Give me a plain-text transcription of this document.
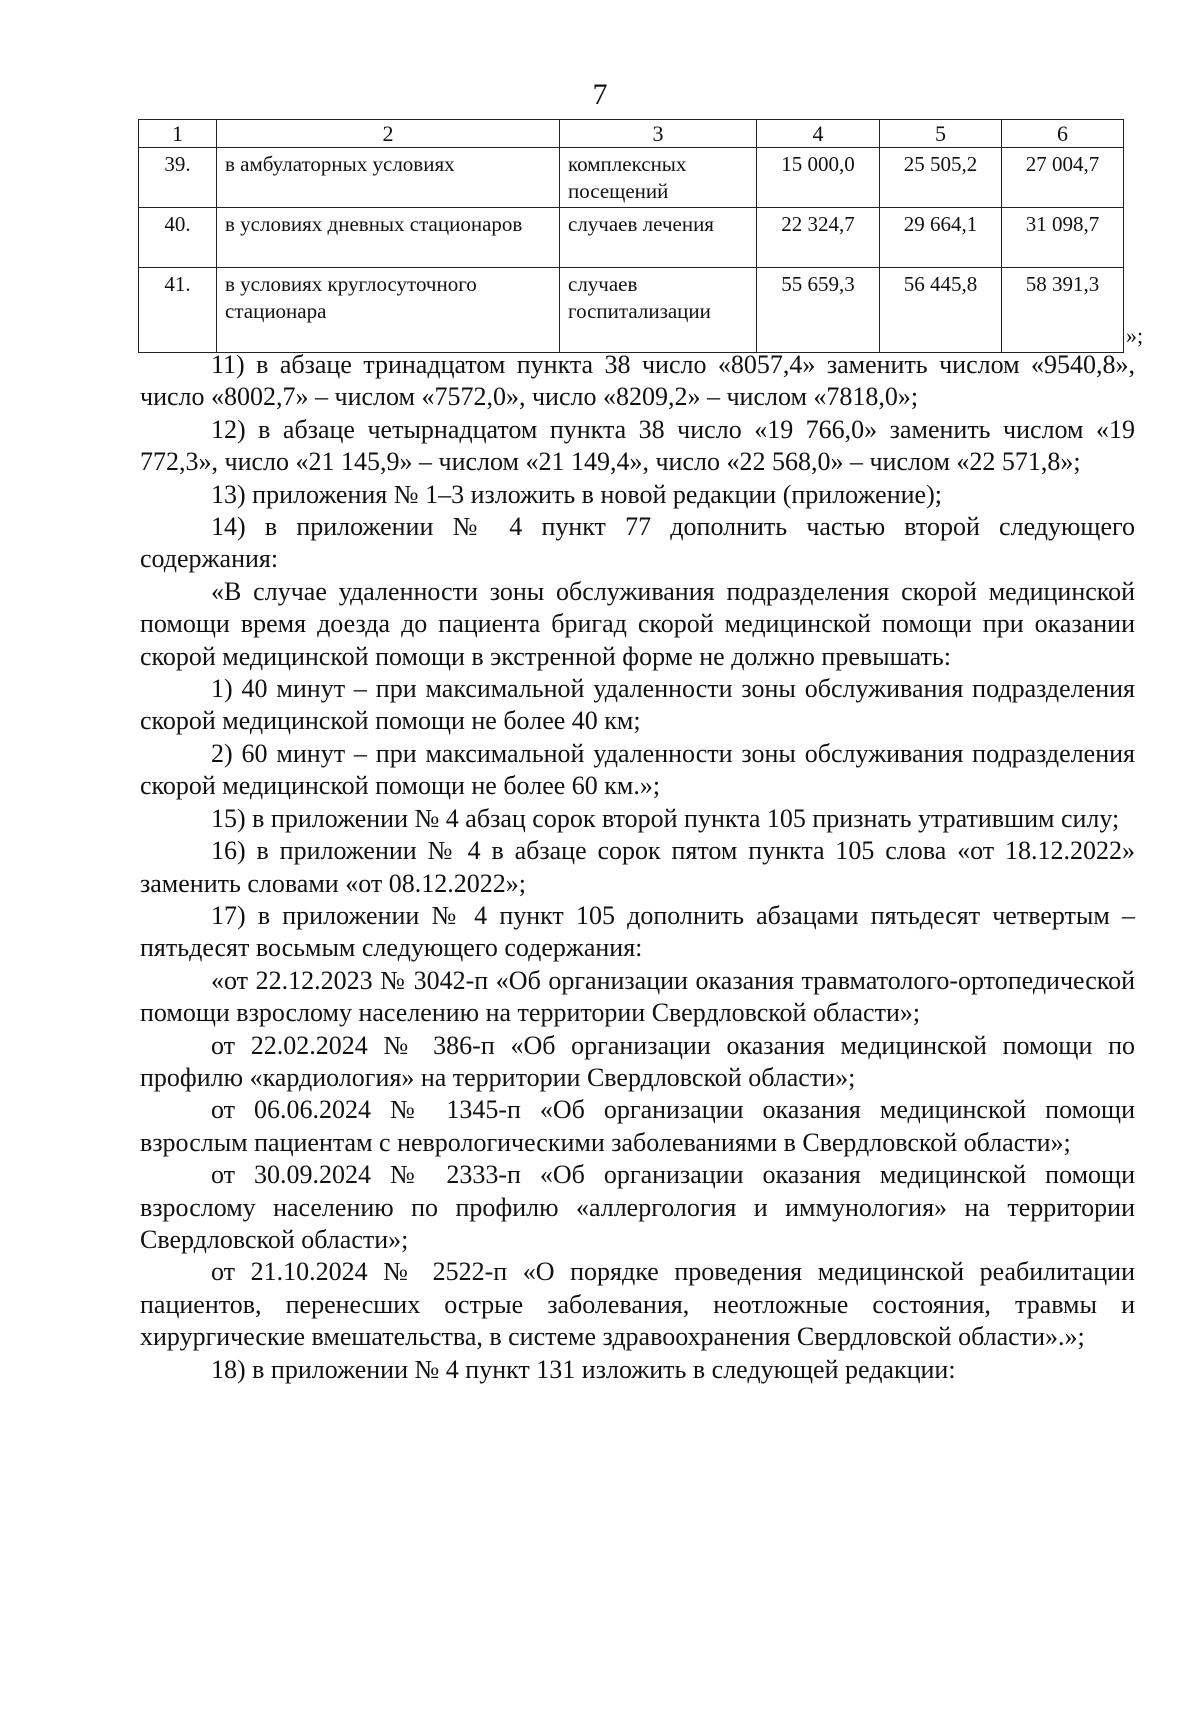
7
1	2	3	4	5	6
39.	в амбулаторных условиях	комплексных посещений	15 000,0	25 505,2	27 004,7
40.	в условиях дневных стационаров	случаев лечения	22 324,7	29 664,1	31 098,7
41.	в условиях круглосуточного стационара	случаев госпитализации	55 659,3	56 445,8	58 391,3
»;

11) в абзаце тринадцатом пункта 38 число «8057,4» заменить числом «9540,8», число «8002,7» – числом «7572,0», число «8209,2» – числом «7818,0»;

12) в абзаце четырнадцатом пункта 38 число «19 766,0» заменить числом «19 772,3», число «21 145,9» – числом «21 149,4», число «22 568,0» – числом «22 571,8»;

13) приложения № 1–3 изложить в новой редакции (приложение);

14) в приложении № 4 пункт 77 дополнить частью второй следующего содержания:

«В случае удаленности зоны обслуживания подразделения скорой медицинской помощи время доезда до пациента бригад скорой медицинской помощи при оказании скорой медицинской помощи в экстренной форме не должно превышать:

1) 40 минут – при максимальной удаленности зоны обслуживания подразделения скорой медицинской помощи не более 40 км;

2) 60 минут – при максимальной удаленности зоны обслуживания подразделения скорой медицинской помощи не более 60 км.»;

15) в приложении № 4 абзац сорок второй пункта 105 признать утратившим силу;

16) в приложении № 4 в абзаце сорок пятом пункта 105 слова «от 18.12.2022» заменить словами «от 08.12.2022»;

17) в приложении № 4 пункт 105 дополнить абзацами пятьдесят четвертым – пятьдесят восьмым следующего содержания:

«от 22.12.2023 № 3042-п «Об организации оказания травматолого-ортопедической помощи взрослому населению на территории Свердловской области»;

от 22.02.2024 № 386-п «Об организации оказания медицинской помощи по профилю «кардиология» на территории Свердловской области»;

от 06.06.2024 № 1345-п «Об организации оказания медицинской помощи взрослым пациентам с неврологическими заболеваниями в Свердловской области»;

от 30.09.2024 № 2333-п «Об организации оказания медицинской помощи взрослому населению по профилю «аллергология и иммунология» на территории Свердловской области»;

от 21.10.2024 № 2522-п «О порядке проведения медицинской реабилитации пациентов, перенесших острые заболевания, неотложные состояния, травмы и хирургические вмешательства, в системе здравоохранения Свердловской области».»;

18) в приложении № 4 пункт 131 изложить в следующей редакции:
